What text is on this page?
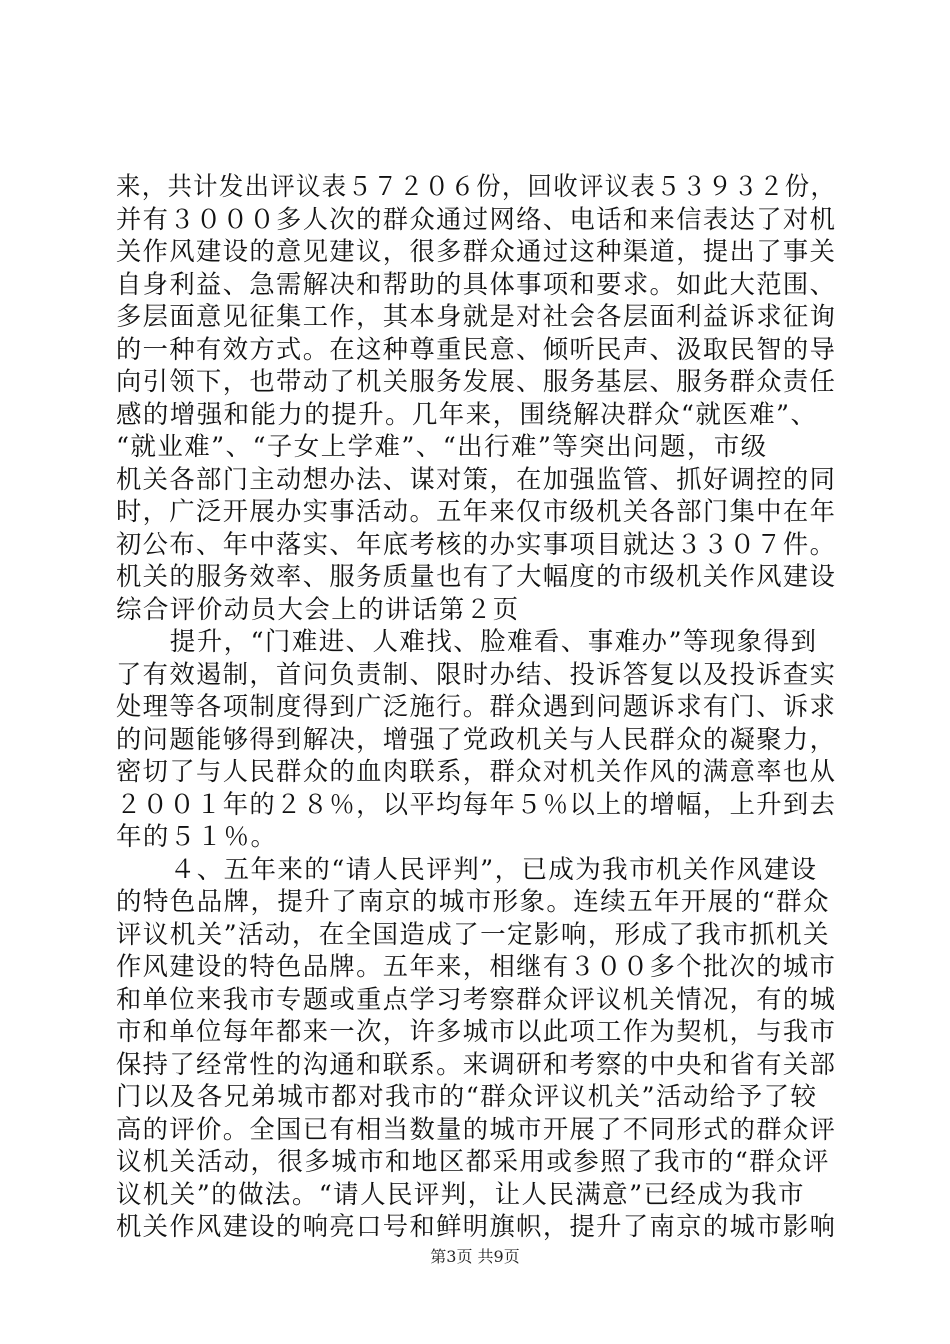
来，共计发出评议表５７２０６份，回收评议表５３９３２份，
并有３０００多人次的群众通过网络、电话和来信表达了对机
关作风建设的意见建议，很多群众通过这种渠道，提出了事关
自身利益、急需解决和帮助的具体事项和要求。如此大范围、
多层面意见征集工作，其本身就是对社会各层面利益诉求征询
的一种有效方式。在这种尊重民意、倾听民声、汲取民智的导
向引领下，也带动了机关服务发展、服务基层、服务群众责任
感的增强和能力的提升。几年来，围绕解决群众“就医难”、
“就业难”、“子女上学难”、“出行难”等突出问题，市级
机关各部门主动想办法、谋对策，在加强监管、抓好调控的同
时，广泛开展办实事活动。五年来仅市级机关各部门集中在年
初公布、年中落实、年底考核的办实事项目就达３３０７件。
机关的服务效率、服务质量也有了大幅度的市级机关作风建设
综合评价动员大会上的讲话第２页
　　提升，“门难进、人难找、脸难看、事难办”等现象得到
了有效遏制，首问负责制、限时办结、投诉答复以及投诉查实
处理等各项制度得到广泛施行。群众遇到问题诉求有门、诉求
的问题能够得到解决，增强了党政机关与人民群众的凝聚力，
密切了与人民群众的血肉联系，群众对机关作风的满意率也从
２００１年的２８％，以平均每年５％以上的增幅，上升到去
年的５１％。
　　４、五年来的“请人民评判”，已成为我市机关作风建设
的特色品牌，提升了南京的城市形象。连续五年开展的“群众
评议机关”活动，在全国造成了一定影响，形成了我市抓机关
作风建设的特色品牌。五年来，相继有３００多个批次的城市
和单位来我市专题或重点学习考察群众评议机关情况，有的城
市和单位每年都来一次，许多城市以此项工作为契机，与我市
保持了经常性的沟通和联系。来调研和考察的中央和省有关部
门以及各兄弟城市都对我市的“群众评议机关”活动给予了较
高的评价。全国已有相当数量的城市开展了不同形式的群众评
议机关活动，很多城市和地区都采用或参照了我市的“群众评
议机关”的做法。“请人民评判，让人民满意”已经成为我市
机关作风建设的响亮口号和鲜明旗帜，提升了南京的城市影响
第3页 共9页
